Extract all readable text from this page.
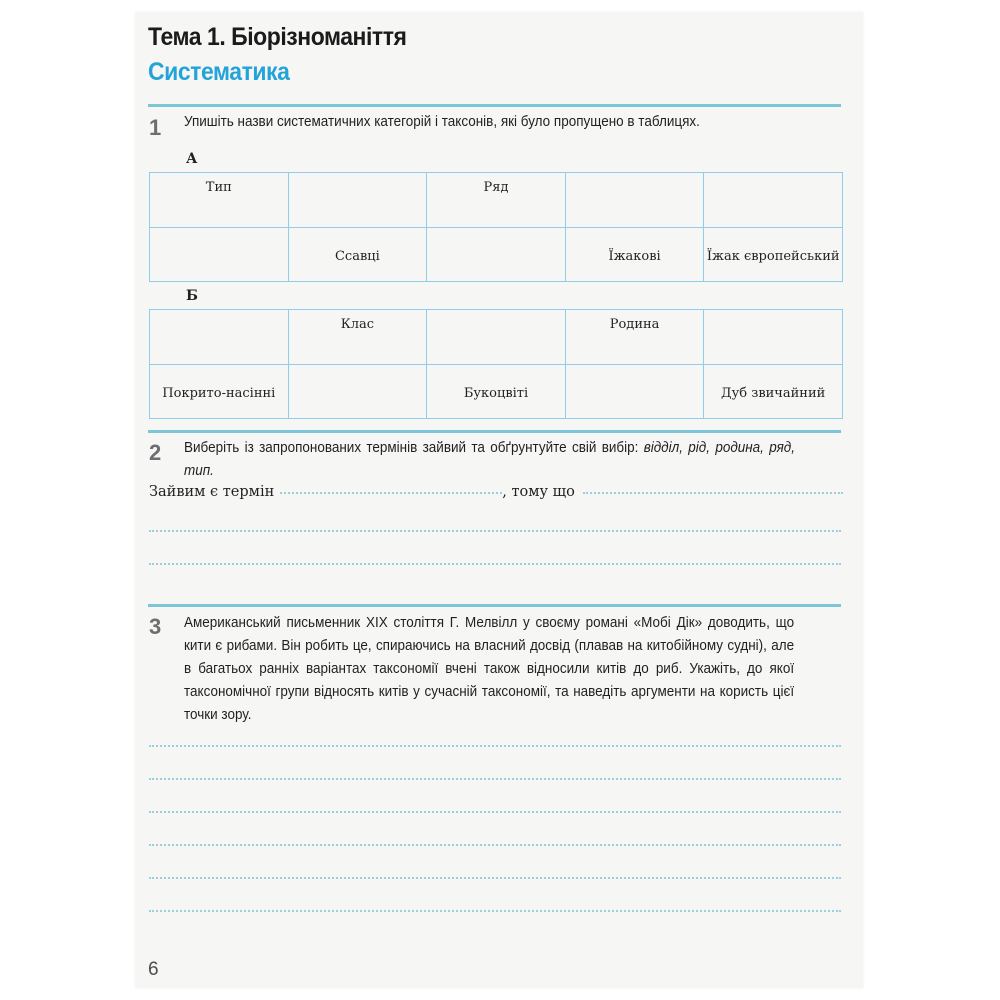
Тема 1. Біорізноманіття
Систематика
1 Упишіть назви систематичних категорій і таксонів, які було пропущено в таблицях.
А
Тип		Ряд		
	Ссавці		Їжакові	Їжак європейський
Б
	Клас		Родина	
Покрито-насінні		Букоцвіті		Дуб звичайний
2 Виберіть із запропонованих термінів зайвий та обґрунтуйте свій вибір: відділ, рід, родина, ряд, тип.
Зайвим є термін	, тому що
3 Американський письменник XIX століття Г. Мелвілл у своєму романі «Мобі Дік» доводить, що кити є рибами. Він робить це, спираючись на власний досвід (плавав на китобійному судні), але в багатьох ранніх варіантах таксономії вчені також відносили китів до риб. Укажіть, до якої таксономічної групи відносять китів у сучасній таксономії, та наведіть аргументи на користь цієї точки зору.
6
